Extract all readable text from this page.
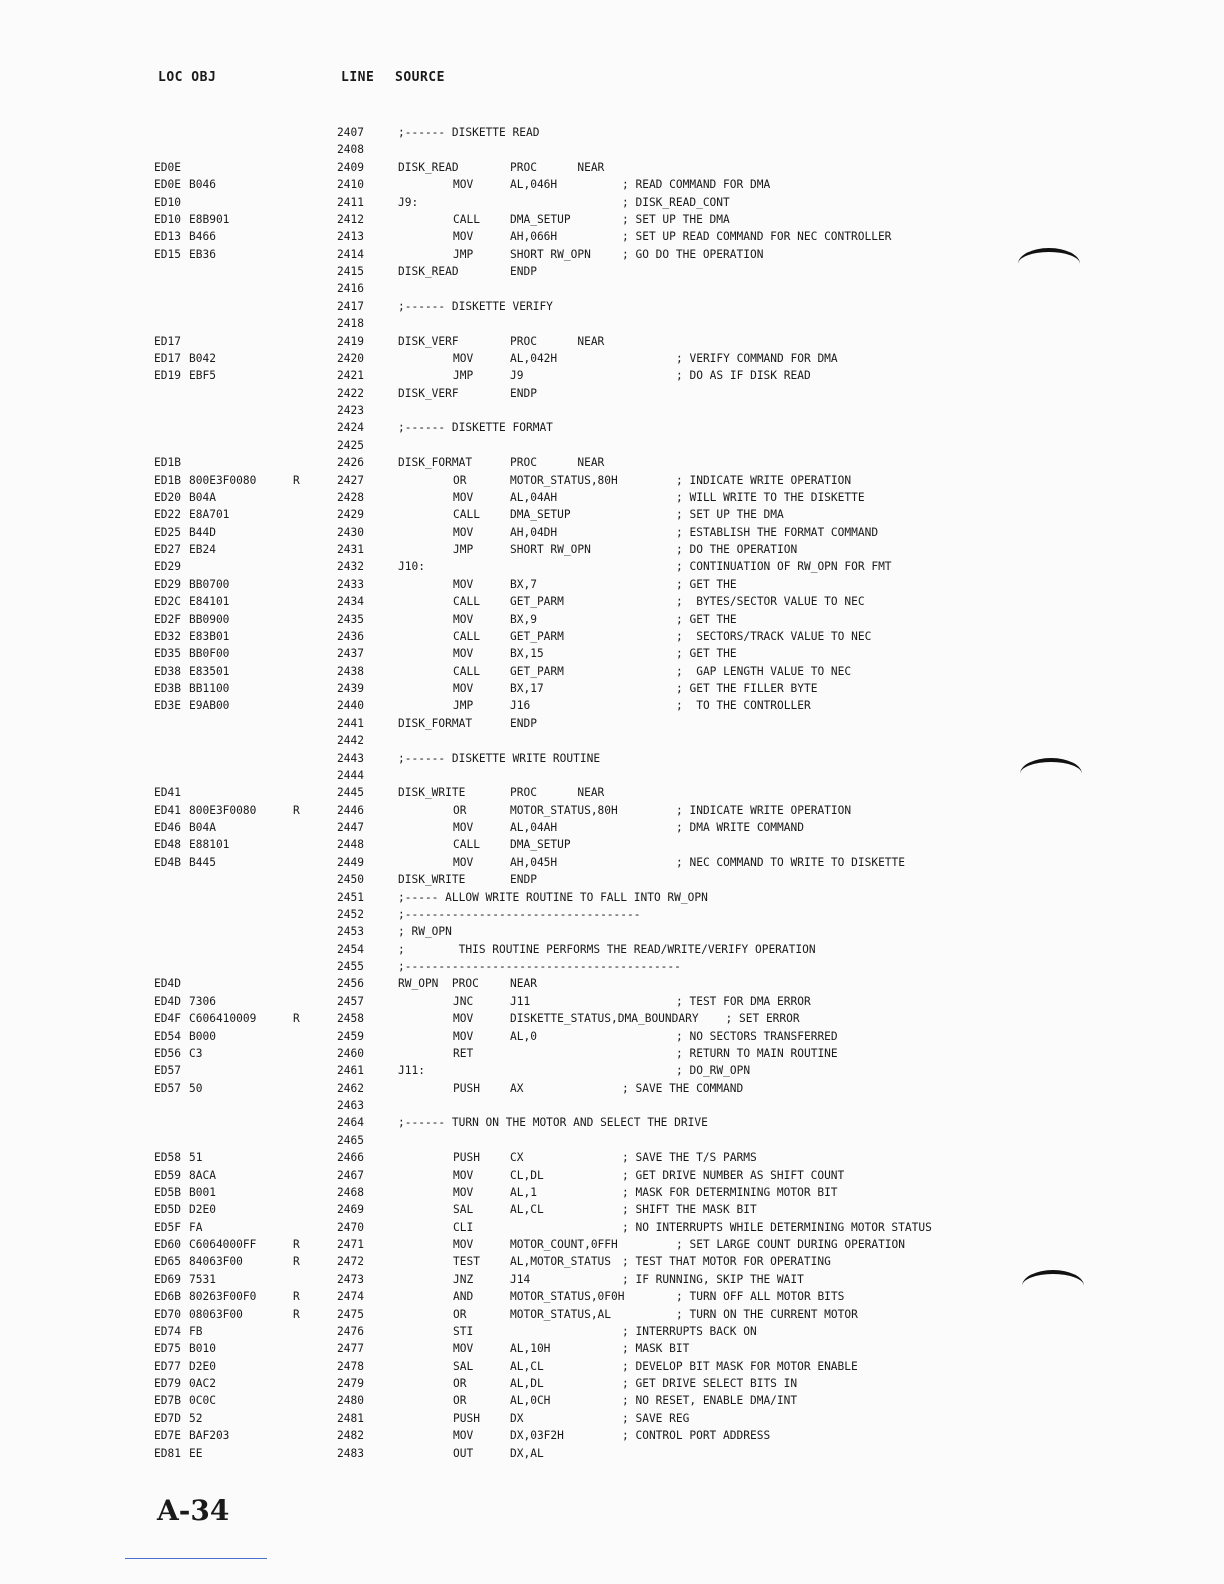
LOC OBJ	LINE SOURCE
2407	;------ DISKETTE READ
2408
ED0E	2409	DISK_READ	PROC      NEAR
ED0E B046	2410	MOV	AL,046H	; READ COMMAND FOR DMA
ED10	2411	J9:	; DISK_READ_CONT
ED10 E8B901	2412	CALL	DMA_SETUP	; SET UP THE DMA
ED13 B466	2413	MOV	AH,066H	; SET UP READ COMMAND FOR NEC CONTROLLER
ED15 EB36	2414	JMP	SHORT RW_OPN	; GO DO THE OPERATION
2415	DISK_READ	ENDP
2416
2417	;------ DISKETTE VERIFY
2418
ED17	2419	DISK_VERF	PROC      NEAR
ED17 B042	2420	MOV	AL,042H	; VERIFY COMMAND FOR DMA
ED19 EBF5	2421	JMP	J9	; DO AS IF DISK READ
2422	DISK_VERF	ENDP
2423
2424	;------ DISKETTE FORMAT
2425
ED1B	2426	DISK_FORMAT	PROC      NEAR
ED1B 800E3F0080	R	2427	OR	MOTOR_STATUS,80H	; INDICATE WRITE OPERATION
ED20 B04A	2428	MOV	AL,04AH	; WILL WRITE TO THE DISKETTE
ED22 E8A701	2429	CALL	DMA_SETUP	; SET UP THE DMA
ED25 B44D	2430	MOV	AH,04DH	; ESTABLISH THE FORMAT COMMAND
ED27 EB24	2431	JMP	SHORT RW_OPN	; DO THE OPERATION
ED29	2432	J10:	; CONTINUATION OF RW_OPN FOR FMT
ED29 BB0700	2433	MOV	BX,7	; GET THE
ED2C E84101	2434	CALL	GET_PARM	;  BYTES/SECTOR VALUE TO NEC
ED2F BB0900	2435	MOV	BX,9	; GET THE
ED32 E83B01	2436	CALL	GET_PARM	;  SECTORS/TRACK VALUE TO NEC
ED35 BB0F00	2437	MOV	BX,15	; GET THE
ED38 E83501	2438	CALL	GET_PARM	;  GAP LENGTH VALUE TO NEC
ED3B BB1100	2439	MOV	BX,17	; GET THE FILLER BYTE
ED3E E9AB00	2440	JMP	J16	;  TO THE CONTROLLER
2441	DISK_FORMAT	ENDP
2442
2443	;------ DISKETTE WRITE ROUTINE
2444
ED41	2445	DISK_WRITE	PROC      NEAR
ED41 800E3F0080	R	2446	OR	MOTOR_STATUS,80H	; INDICATE WRITE OPERATION
ED46 B04A	2447	MOV	AL,04AH	; DMA WRITE COMMAND
ED48 E88101	2448	CALL	DMA_SETUP
ED4B B445	2449	MOV	AH,045H	; NEC COMMAND TO WRITE TO DISKETTE
2450	DISK_WRITE	ENDP
2451	;----- ALLOW WRITE ROUTINE TO FALL INTO RW_OPN
2452	;-----------------------------------
2453	; RW_OPN
2454	;        THIS ROUTINE PERFORMS THE READ/WRITE/VERIFY OPERATION
2455	;-----------------------------------------
ED4D	2456	RW_OPN  PROC	NEAR
ED4D 7306	2457	JNC	J11	; TEST FOR DMA ERROR
ED4F C606410009	R	2458	MOV	DISKETTE_STATUS,DMA_BOUNDARY    ; SET ERROR
ED54 B000	2459	MOV	AL,0	; NO SECTORS TRANSFERRED
ED56 C3	2460	RET	; RETURN TO MAIN ROUTINE
ED57	2461	J11:	; DO_RW_OPN
ED57 50	2462	PUSH	AX	; SAVE THE COMMAND
2463
2464	;------ TURN ON THE MOTOR AND SELECT THE DRIVE
2465
ED58 51	2466	PUSH	CX	; SAVE THE T/S PARMS
ED59 8ACA	2467	MOV	CL,DL	; GET DRIVE NUMBER AS SHIFT COUNT
ED5B B001	2468	MOV	AL,1	; MASK FOR DETERMINING MOTOR BIT
ED5D D2E0	2469	SAL	AL,CL	; SHIFT THE MASK BIT
ED5F FA	2470	CLI	; NO INTERRUPTS WHILE DETERMINING MOTOR STATUS
ED60 C6064000FF	R	2471	MOV	MOTOR_COUNT,0FFH	; SET LARGE COUNT DURING OPERATION
ED65 84063F00	R	2472	TEST	AL,MOTOR_STATUS ; TEST THAT MOTOR FOR OPERATING
ED69 7531	2473	JNZ	J14	; IF RUNNING, SKIP THE WAIT
ED6B 80263F00F0	R	2474	AND	MOTOR_STATUS,0F0H	; TURN OFF ALL MOTOR BITS
ED70 08063F00	R	2475	OR	MOTOR_STATUS,AL	; TURN ON THE CURRENT MOTOR
ED74 FB	2476	STI	; INTERRUPTS BACK ON
ED75 B010	2477	MOV	AL,10H	; MASK BIT
ED77 D2E0	2478	SAL	AL,CL	; DEVELOP BIT MASK FOR MOTOR ENABLE
ED79 0AC2	2479	OR	AL,DL	; GET DRIVE SELECT BITS IN
ED7B 0C0C	2480	OR	AL,0CH	; NO RESET, ENABLE DMA/INT
ED7D 52	2481	PUSH	DX	; SAVE REG
ED7E BAF203	2482	MOV	DX,03F2H	; CONTROL PORT ADDRESS
ED81 EE	2483	OUT	DX,AL
A-34
